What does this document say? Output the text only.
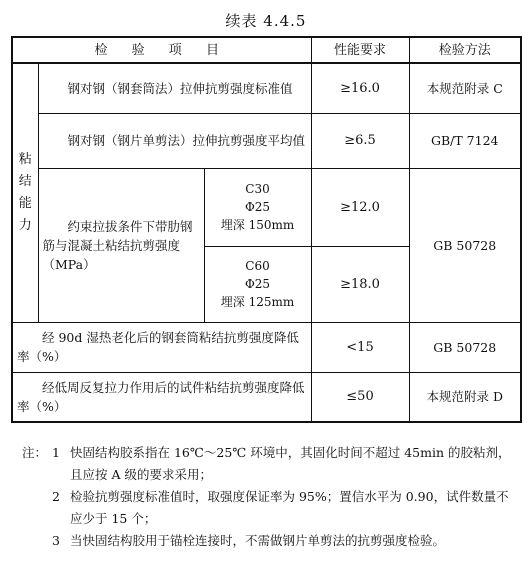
续表 4.4.5
检 验 项 目			性能要求	检验方法
粘
结
能
力	钢对钢（钢套筒法）拉伸抗剪强度标准值		≥16.0	本规范附录 C
	钢对钢（钢片单剪法）拉伸抗剪强度平均值		≥6.5	GB/T 7124
	约束拉拔条件下带肋钢筋与混凝土粘结抗剪强度（MPa）	C30
Φ25
埋深 150mm	≥12.0	GB 50728
		C60
Φ25
埋深 125mm	≥18.0	
经 90d 湿热老化后的钢套筒粘结抗剪强度降低率（%）			<15	GB 50728
经低周反复拉力作用后的试件粘结抗剪强度降低率（%）			≤50	本规范附录 D
注： 1 快固结构胶系指在 16℃～25℃ 环境中，其固化时间不超过 45min 的胶粘剂，且应按 A 级的要求采用；
2 检验抗剪强度标准值时，取强度保证率为 95%；置信水平为 0.90，试件数量不应少于 15 个；
3 当快固结构胶用于锚栓连接时，不需做钢片单剪法的抗剪强度检验。
